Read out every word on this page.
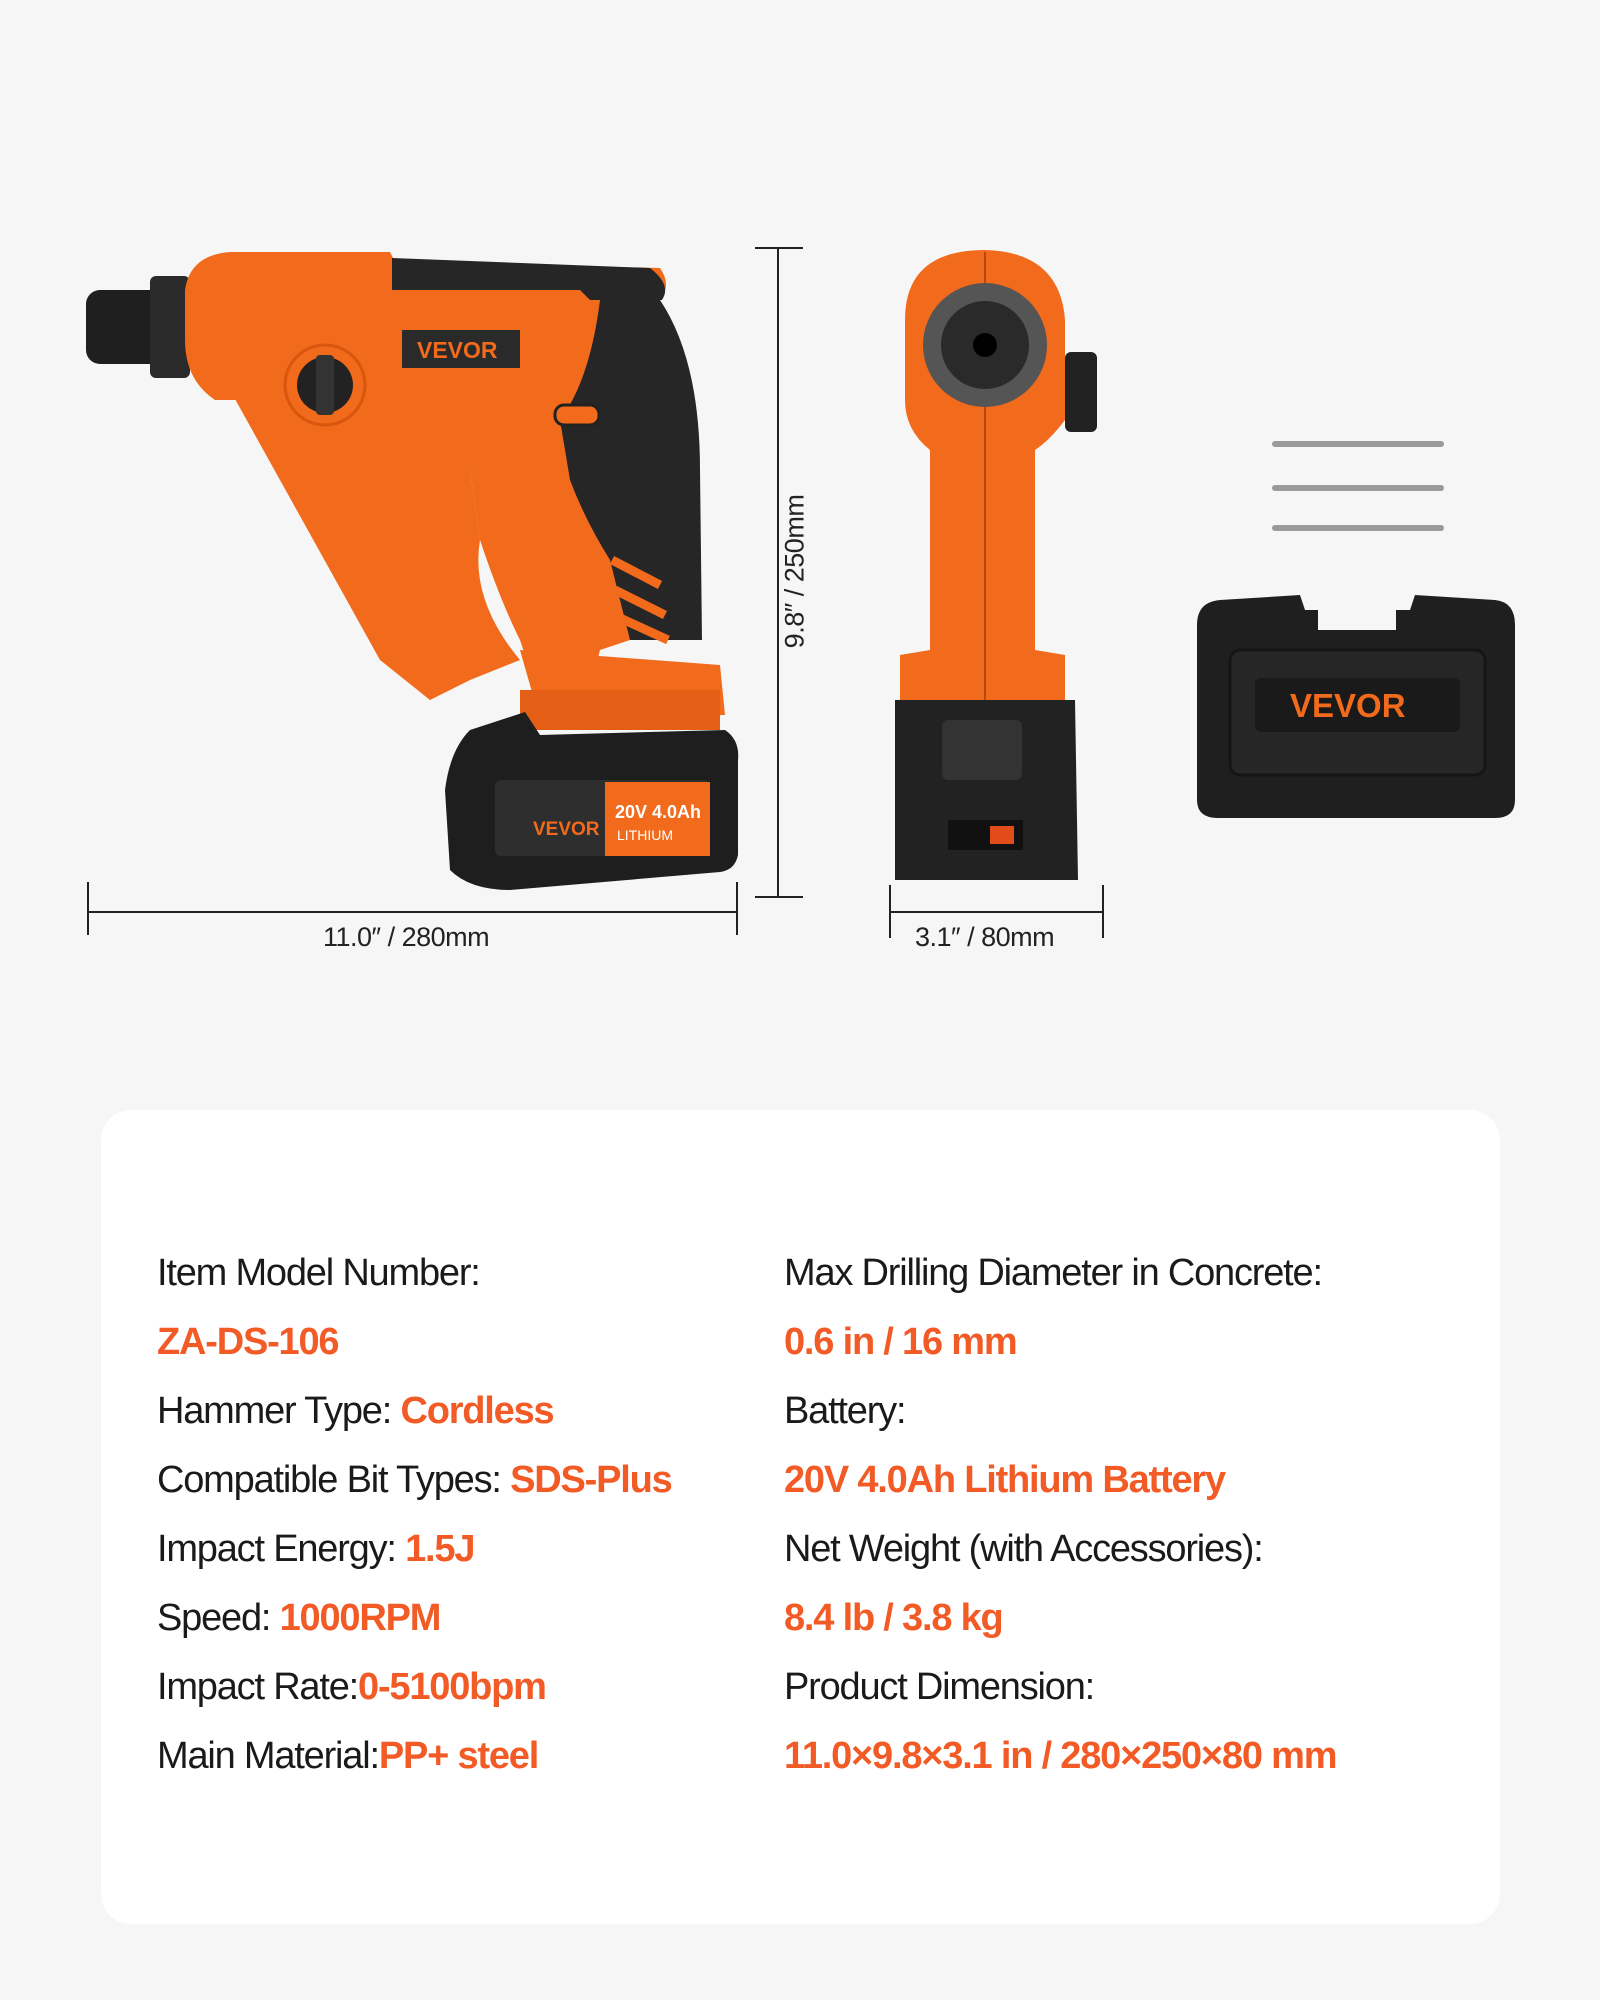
VEVOR
20V 4.0Ah
LITHIUM
VEVOR
VEVOR
11.0″ / 280mm
9.8″ / 250mm
3.1″ / 80mm
Item Model Number:
ZA-DS-106
Hammer Type: Cordless
Compatible Bit Types: SDS-Plus
Impact Energy: 1.5J
Speed: 1000RPM
Impact Rate:0-5100bpm
Main Material:PP+ steel
Max Drilling Diameter in Concrete:
0.6 in / 16 mm
Battery:
20V 4.0Ah Lithium Battery
Net Weight (with Accessories):
8.4 lb / 3.8 kg
Product Dimension:
11.0×9.8×3.1 in / 280×250×80 mm
